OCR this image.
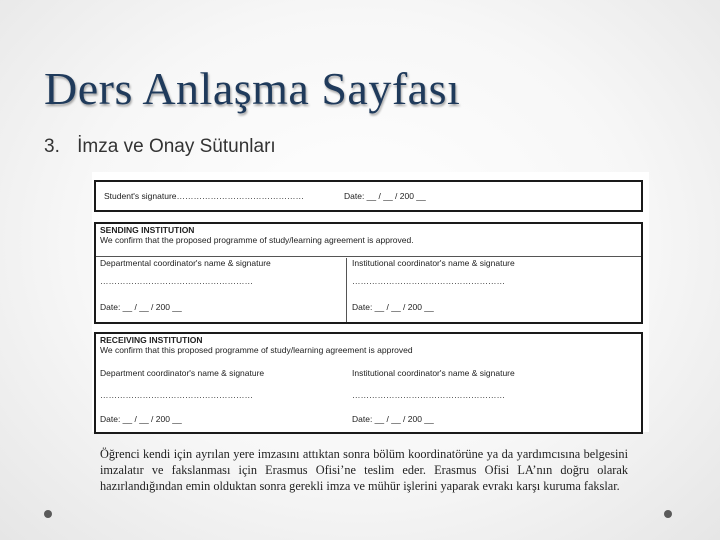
Ders Anlaşma Sayfası
3. İmza ve Onay Sütunları
Student's signature………………………………………	Date: __ / __ / 200 __
SENDING INSTITUTION
We confirm that the proposed programme of study/learning agreement is approved.
Departmental coordinator's name & signature	Institutional coordinator's name & signature
………………………………………………	………………………………………………
Date: __ / __ / 200 __	Date: __ / __ / 200 __
RECEIVING INSTITUTION
We confirm that this proposed programme of study/learning agreement is approved
Department coordinator's name & signature	Institutional coordinator's name & signature
………………………………………………	………………………………………………
Date: __ / __ / 200 __	Date: __ / __ / 200 __
Öğrenci kendi için ayrılan yere imzasını attıktan sonra bölüm koordinatörüne ya da yardımcısına belgesini imzalatır ve fakslanması için Erasmus Ofisi’ne teslim eder. Erasmus Ofisi LA’nın doğru olarak hazırlandığından emin olduktan sonra gerekli imza ve mühür işlerini yaparak evrakı karşı kuruma fakslar.
